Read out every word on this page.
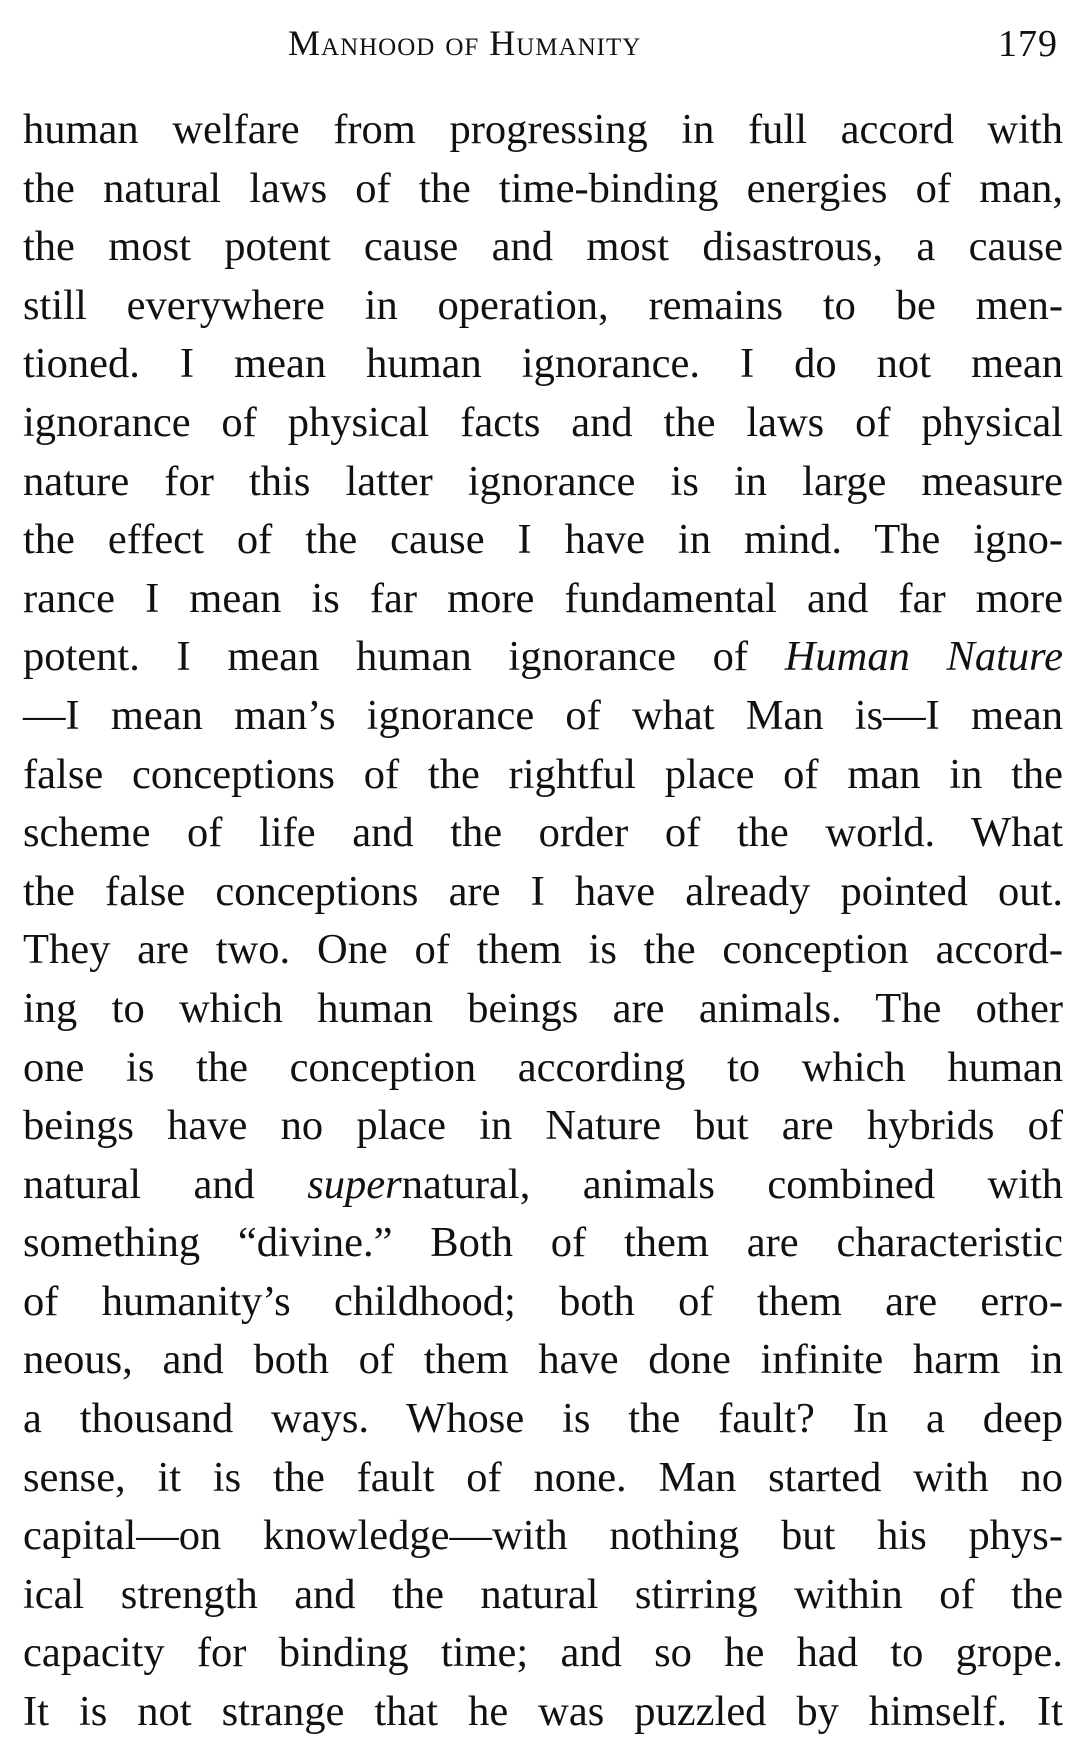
Manhood of Humanity	179
human welfare from progressing in full accord with
the natural laws of the time-binding energies of man,
the most potent cause and most disastrous, a cause
still everywhere in operation, remains to be men-
tioned. I mean human ignorance. I do not mean
ignorance of physical facts and the laws of physical
nature for this latter ignorance is in large measure
the effect of the cause I have in mind. The igno-
rance I mean is far more fundamental and far more
potent. I mean human ignorance of Human Nature
—I mean man’s ignorance of what Man is—I mean
false conceptions of the rightful place of man in the
scheme of life and the order of the world. What
the false conceptions are I have already pointed out.
They are two. One of them is the conception accord-
ing to which human beings are animals. The other
one is the conception according to which human
beings have no place in Nature but are hybrids of
natural and supernatural, animals combined with
something “divine.” Both of them are characteristic
of humanity’s childhood; both of them are erro-
neous, and both of them have done infinite harm in
a thousand ways. Whose is the fault? In a deep
sense, it is the fault of none. Man started with no
capital—on knowledge—with nothing but his phys-
ical strength and the natural stirring within of the
capacity for binding time; and so he had to grope.
It is not strange that he was puzzled by himself. It
